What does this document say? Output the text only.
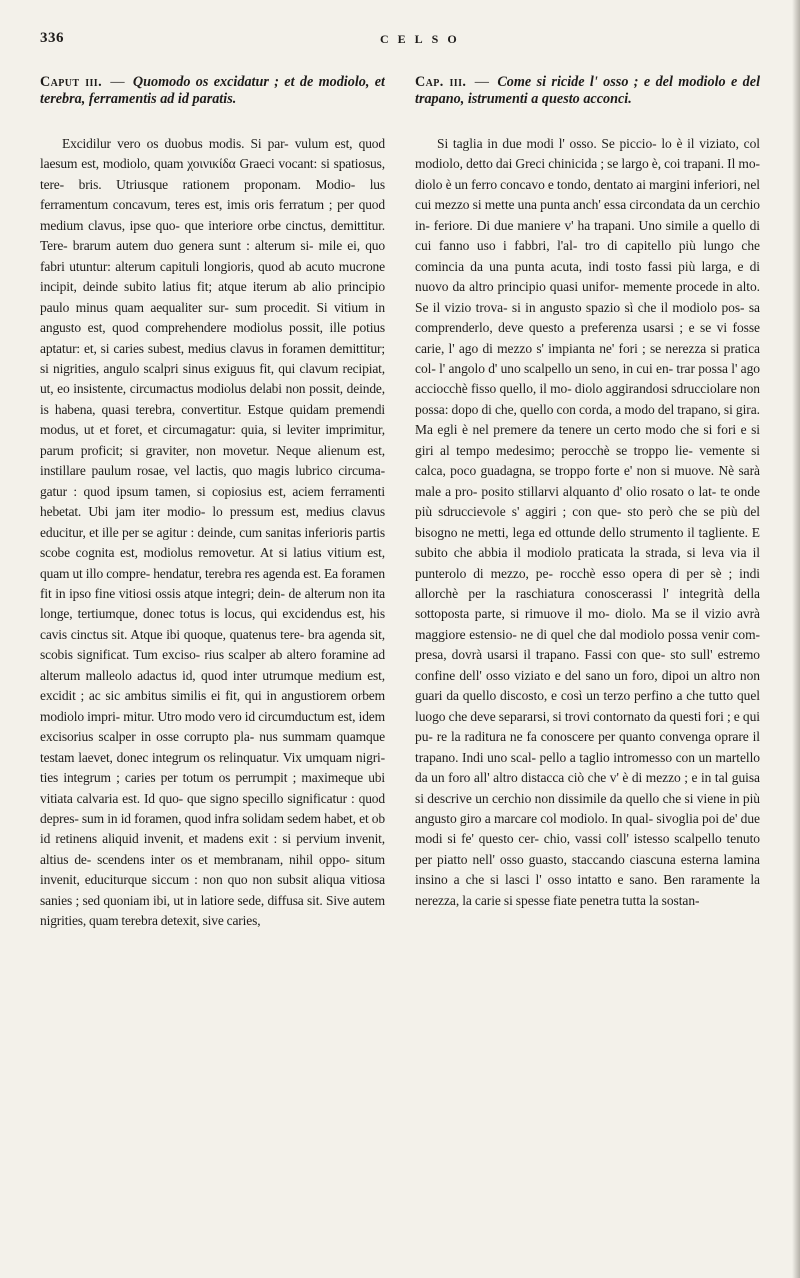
336	CELSO

Caput iii. — Quomodo os excidatur ; et de modiolo, et terebra, ferramentis ad id paratis.

Excidilur vero os duobus modis. Si par- vulum est, quod laesum est, modiolo, quam χοινικίδα Graeci vocant: si spatiosus, tere- bris. Utriusque rationem proponam. Modio- lus ferramentum concavum, teres est, imis oris ferratum ; per quod medium clavus, ipse quo- que interiore orbe cinctus, demittitur. Tere- brarum autem duo genera sunt : alterum si- mile ei, quo fabri utuntur: alterum capituli longioris, quod ab acuto mucrone incipit, deinde subito latius fit; atque iterum ab alio principio paulo minus quam aequaliter sur- sum procedit. Si vitium in angusto est, quod comprehendere modiolus possit, ille potius aptatur: et, si caries subest, medius clavus in foramen demittitur; si nigrities, angulo scalpri sinus exiguus fit, qui clavum recipiat, ut, eo insistente, circumactus modiolus delabi non possit, deinde, is habena, quasi terebra, convertitur. Estque quidam premendi modus, ut et foret, et circumagatur: quia, si leviter imprimitur, parum proficit; si graviter, non movetur. Neque alienum est, instillare paulum rosae, vel lactis, quo magis lubrico circuma- gatur : quod ipsum tamen, si copiosius est, aciem ferramenti hebetat. Ubi jam iter modio- lo pressum est, medius clavus educitur, et ille per se agitur : deinde, cum sanitas inferioris partis scobe cognita est, modiolus removetur. At si latius vitium est, quam ut illo compre- hendatur, terebra res agenda est. Ea foramen fit in ipso fine vitiosi ossis atque integri; dein- de alterum non ita longe, tertiumque, donec totus is locus, qui excidendus est, his cavis cinctus sit. Atque ibi quoque, quatenus tere- bra agenda sit, scobis significat. Tum exciso- rius scalper ab altero foramine ad alterum malleolo adactus id, quod inter utrumque medium est, excidit ; ac sic ambitus similis ei fit, qui in angustiorem orbem modiolo impri- mitur. Utro modo vero id circumductum est, idem excisorius scalper in osse corrupto pla- nus summam quamque testam laevet, donec integrum os relinquatur. Vix umquam nigri- ties integrum ; caries per totum os perrumpit ; maximeque ubi vitiata calvaria est. Id quo- que signo specillo significatur : quod depres- sum in id foramen, quod infra solidam sedem habet, et ob id retinens aliquid invenit, et madens exit : si pervium invenit, altius de- scendens inter os et membranam, nihil oppo- situm invenit, educiturque siccum : non quo non subsit aliqua vitiosa sanies ; sed quoniam ibi, ut in latiore sede, diffusa sit. Sive autem nigrities, quam terebra detexit, sive caries,

Cap. iii. — Come si ricide l' osso ; e del modiolo e del trapano, istrumenti a questo acconci.

Si taglia in due modi l' osso. Se piccio- lo è il viziato, col modiolo, detto dai Greci chinicida ; se largo è, coi trapani. Il mo- diolo è un ferro concavo e tondo, dentato ai margini inferiori, nel cui mezzo si mette una punta anch' essa circondata da un cerchio in- feriore. Di due maniere v' ha trapani. Uno simile a quello di cui fanno uso i fabbri, l'al- tro di capitello più lungo che comincia da una punta acuta, indi tosto fassi più larga, e di nuovo da altro principio quasi unifor- memente procede in alto. Se il vizio trova- si in angusto spazio sì che il modiolo pos- sa comprenderlo, deve questo a preferenza usarsi ; e se vi fosse carie, l' ago di mezzo s' impianta ne' fori ; se nerezza si pratica col- l' angolo d' uno scalpello un seno, in cui en- trar possa l' ago acciocchè fisso quello, il mo- diolo aggirandosi sdrucciolare non possa: dopo di che, quello con corda, a modo del trapano, si gira. Ma egli è nel premere da tenere un certo modo che si fori e si giri al tempo medesimo; perocchè se troppo lie- vemente si calca, poco guadagna, se troppo forte e' non si muove. Nè sarà male a pro- posito stillarvi alquanto d' olio rosato o lat- te onde più sdruccievole s' aggiri ; con que- sto però che se più del bisogno ne metti, lega ed ottunde dello strumento il tagliente. E subito che abbia il modiolo praticata la strada, si leva via il punterolo di mezzo, pe- rocchè esso opera di per sè ; indi allorchè per la raschiatura conoscerassi l' integrità della sottoposta parte, si rimuove il mo- diolo. Ma se il vizio avrà maggiore estensio- ne di quel che dal modiolo possa venir com- presa, dovrà usarsi il trapano. Fassi con que- sto sull' estremo confine dell' osso viziato e del sano un foro, dipoi un altro non guari da quello discosto, e così un terzo perfino a che tutto quel luogo che deve separarsi, si trovi contornato da questi fori ; e qui pu- re la raditura ne fa conoscere per quanto convenga oprare il trapano. Indi uno scal- pello a taglio intromesso con un martello da un foro all' altro distacca ciò che v' è di mezzo ; e in tal guisa si descrive un cerchio non dissimile da quello che si viene in più angusto giro a marcare col modiolo. In qual- sivoglia poi de' due modi si fe' questo cer- chio, vassi coll' istesso scalpello tenuto per piatto nell' osso guasto, staccando ciascuna esterna lamina insino a che si lasci l' osso intatto e sano. Ben raramente la nerezza, la carie si spesse fiate penetra tutta la sostan-
